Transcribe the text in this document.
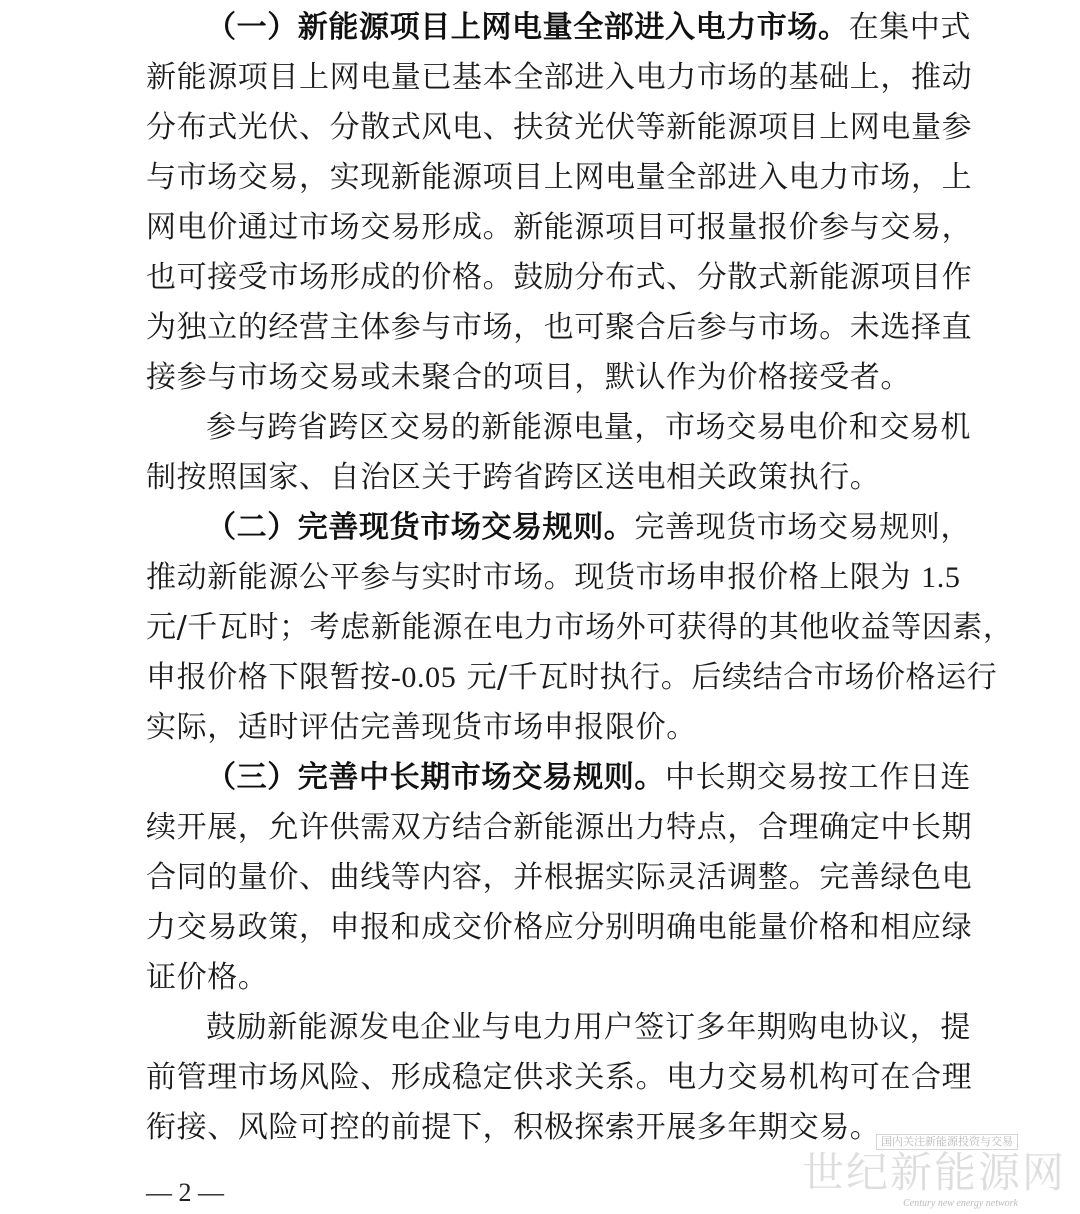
（一）新能源项目上网电量全部进入电力市场。在集中式
新能源项目上网电量已基本全部进入电力市场的基础上，推动
分布式光伏、分散式风电、扶贫光伏等新能源项目上网电量参
与市场交易，实现新能源项目上网电量全部进入电力市场，上
网电价通过市场交易形成。新能源项目可报量报价参与交易，
也可接受市场形成的价格。鼓励分布式、分散式新能源项目作
为独立的经营主体参与市场，也可聚合后参与市场。未选择直
接参与市场交易或未聚合的项目，默认作为价格接受者。
参与跨省跨区交易的新能源电量，市场交易电价和交易机
制按照国家、自治区关于跨省跨区送电相关政策执行。
（二）完善现货市场交易规则。完善现货市场交易规则，
推动新能源公平参与实时市场。现货市场申报价格上限为 1.5
元/千瓦时；考虑新能源在电力市场外可获得的其他收益等因素，
申报价格下限暂按-0.05 元/千瓦时执行。后续结合市场价格运行
实际，适时评估完善现货市场申报限价。
（三）完善中长期市场交易规则。中长期交易按工作日连
续开展，允许供需双方结合新能源出力特点，合理确定中长期
合同的量价、曲线等内容，并根据实际灵活调整。完善绿色电
力交易政策，申报和成交价格应分别明确电能量价格和相应绿
证价格。
鼓励新能源发电企业与电力用户签订多年期购电协议，提
前管理市场风险、形成稳定供求关系。电力交易机构可在合理
衔接、风险可控的前提下，积极探索开展多年期交易。
— 2 —
国内关注新能源投资与交易
世纪新能源网
Century new energy network
